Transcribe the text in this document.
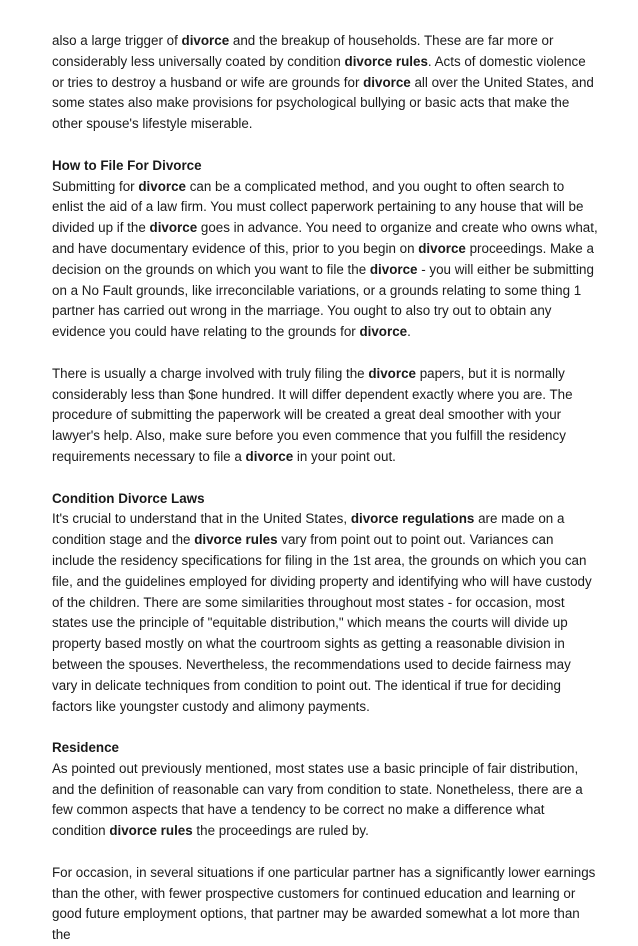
also a large trigger of divorce and the breakup of households. These are far more or considerably less universally coated by condition divorce rules. Acts of domestic violence or tries to destroy a husband or wife are grounds for divorce all over the United States, and some states also make provisions for psychological bullying or basic acts that make the other spouse's lifestyle miserable.

How to File For Divorce

Submitting for divorce can be a complicated method, and you ought to often search to enlist the aid of a law firm. You must collect paperwork pertaining to any house that will be divided up if the divorce goes in advance. You need to organize and create who owns what, and have documentary evidence of this, prior to you begin on divorce proceedings. Make a decision on the grounds on which you want to file the divorce - you will either be submitting on a No Fault grounds, like irreconcilable variations, or a grounds relating to some thing 1 partner has carried out wrong in the marriage. You ought to also try out to obtain any evidence you could have relating to the grounds for divorce.

There is usually a charge involved with truly filing the divorce papers, but it is normally considerably less than $one hundred. It will differ dependent exactly where you are. The procedure of submitting the paperwork will be created a great deal smoother with your lawyer's help. Also, make sure before you even commence that you fulfill the residency requirements necessary to file a divorce in your point out.

Condition Divorce Laws

It's crucial to understand that in the United States, divorce regulations are made on a condition stage and the divorce rules vary from point out to point out. Variances can include the residency specifications for filing in the 1st area, the grounds on which you can file, and the guidelines employed for dividing property and identifying who will have custody of the children. There are some similarities throughout most states - for occasion, most states use the principle of "equitable distribution," which means the courts will divide up property based mostly on what the courtroom sights as getting a reasonable division in between the spouses. Nevertheless, the recommendations used to decide fairness may vary in delicate techniques from condition to point out. The identical if true for deciding factors like youngster custody and alimony payments.

Residence

As pointed out previously mentioned, most states use a basic principle of fair distribution, and the definition of reasonable can vary from condition to state. Nonetheless, there are a few common aspects that have a tendency to be correct no make a difference what condition divorce rules the proceedings are ruled by.

For occasion, in several situations if one particular partner has a significantly lower earnings than the other, with fewer prospective customers for continued education and learning or good future employment options, that partner may be awarded somewhat a lot more than the
